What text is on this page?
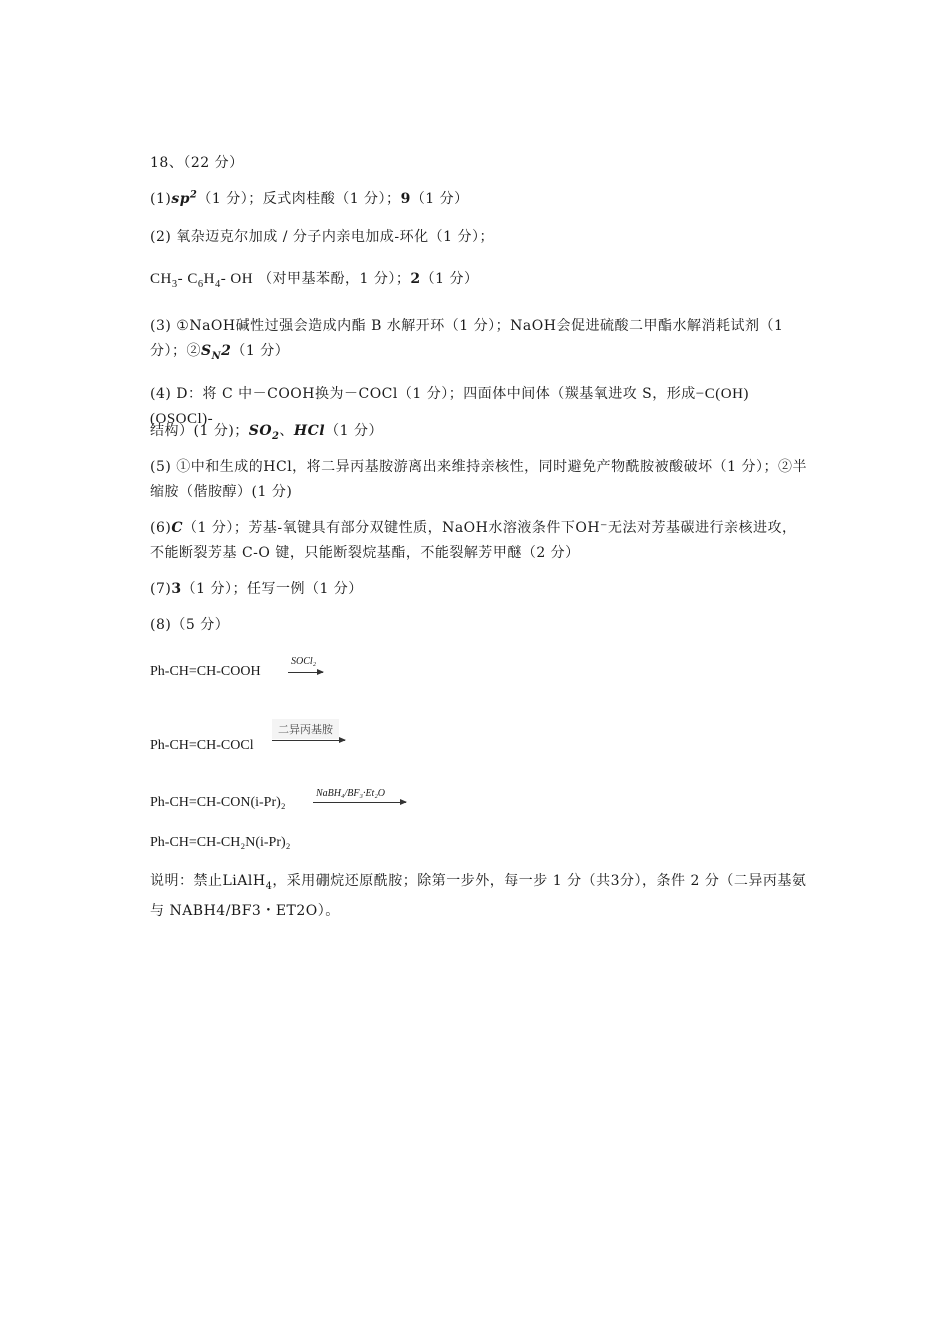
18、（22 分）
$(1)sp^2(1$ 分）；反式肉桂酸（1 分）；9（1 分）
(2) 氧杂迈克尔加成 / 分子内亲电加成-环化（1 分）；
$CH_3-$ $C_6H_4-$ OH （对甲基苯酚，1 分）；2（1 分）
(3) ①NaOH碱性过强会造成内酯 B 水解开环（1 分）；NaOH会促进硫酸二甲酯水解消耗试剂（1 分）；$②S_N2(1$ 分）
(4) D：将 C 中－COOH换为－COCl（1 分）；四面体中间体（羰基氧进攻 S，形成−C(OH)(OSOCl)-
结构）(1 分)；$SO_2$、HCl（1 分）
(5) ①中和生成的HCl，将二异丙基胺游离出来维持亲核性，同时避免产物酰胺被酸破坏（1 分）；②半缩胺（偕胺醇）(1 分)
(6)C（1 分）；芳基-氧键具有部分双键性质，NaOH水溶液条件下OH⁻无法对芳基碳进行亲核进攻，不能断裂芳基 C-O 键，只能断裂烷基酯，不能裂解芳甲醚（2 分）
(7)3（1 分）；任写一例（1 分）
(8)（5 分）
Ph-CH=CH-COOH
SOCl₂
二异丙基胺
Ph-CH=CH-COCl
Ph-CH=CH-CON(i-Pr)₂
NaBH₄/BF₃·Et₂O
Ph-CH=CH-CH₂N(i-Pr)₂
说明：禁止LiAlH$_4$，采用硼烷还原酰胺；除第一步外，每一步 1 分（共3分），条件 2 分（二异丙基氨与 NABH4/BF3・ET2O）。
